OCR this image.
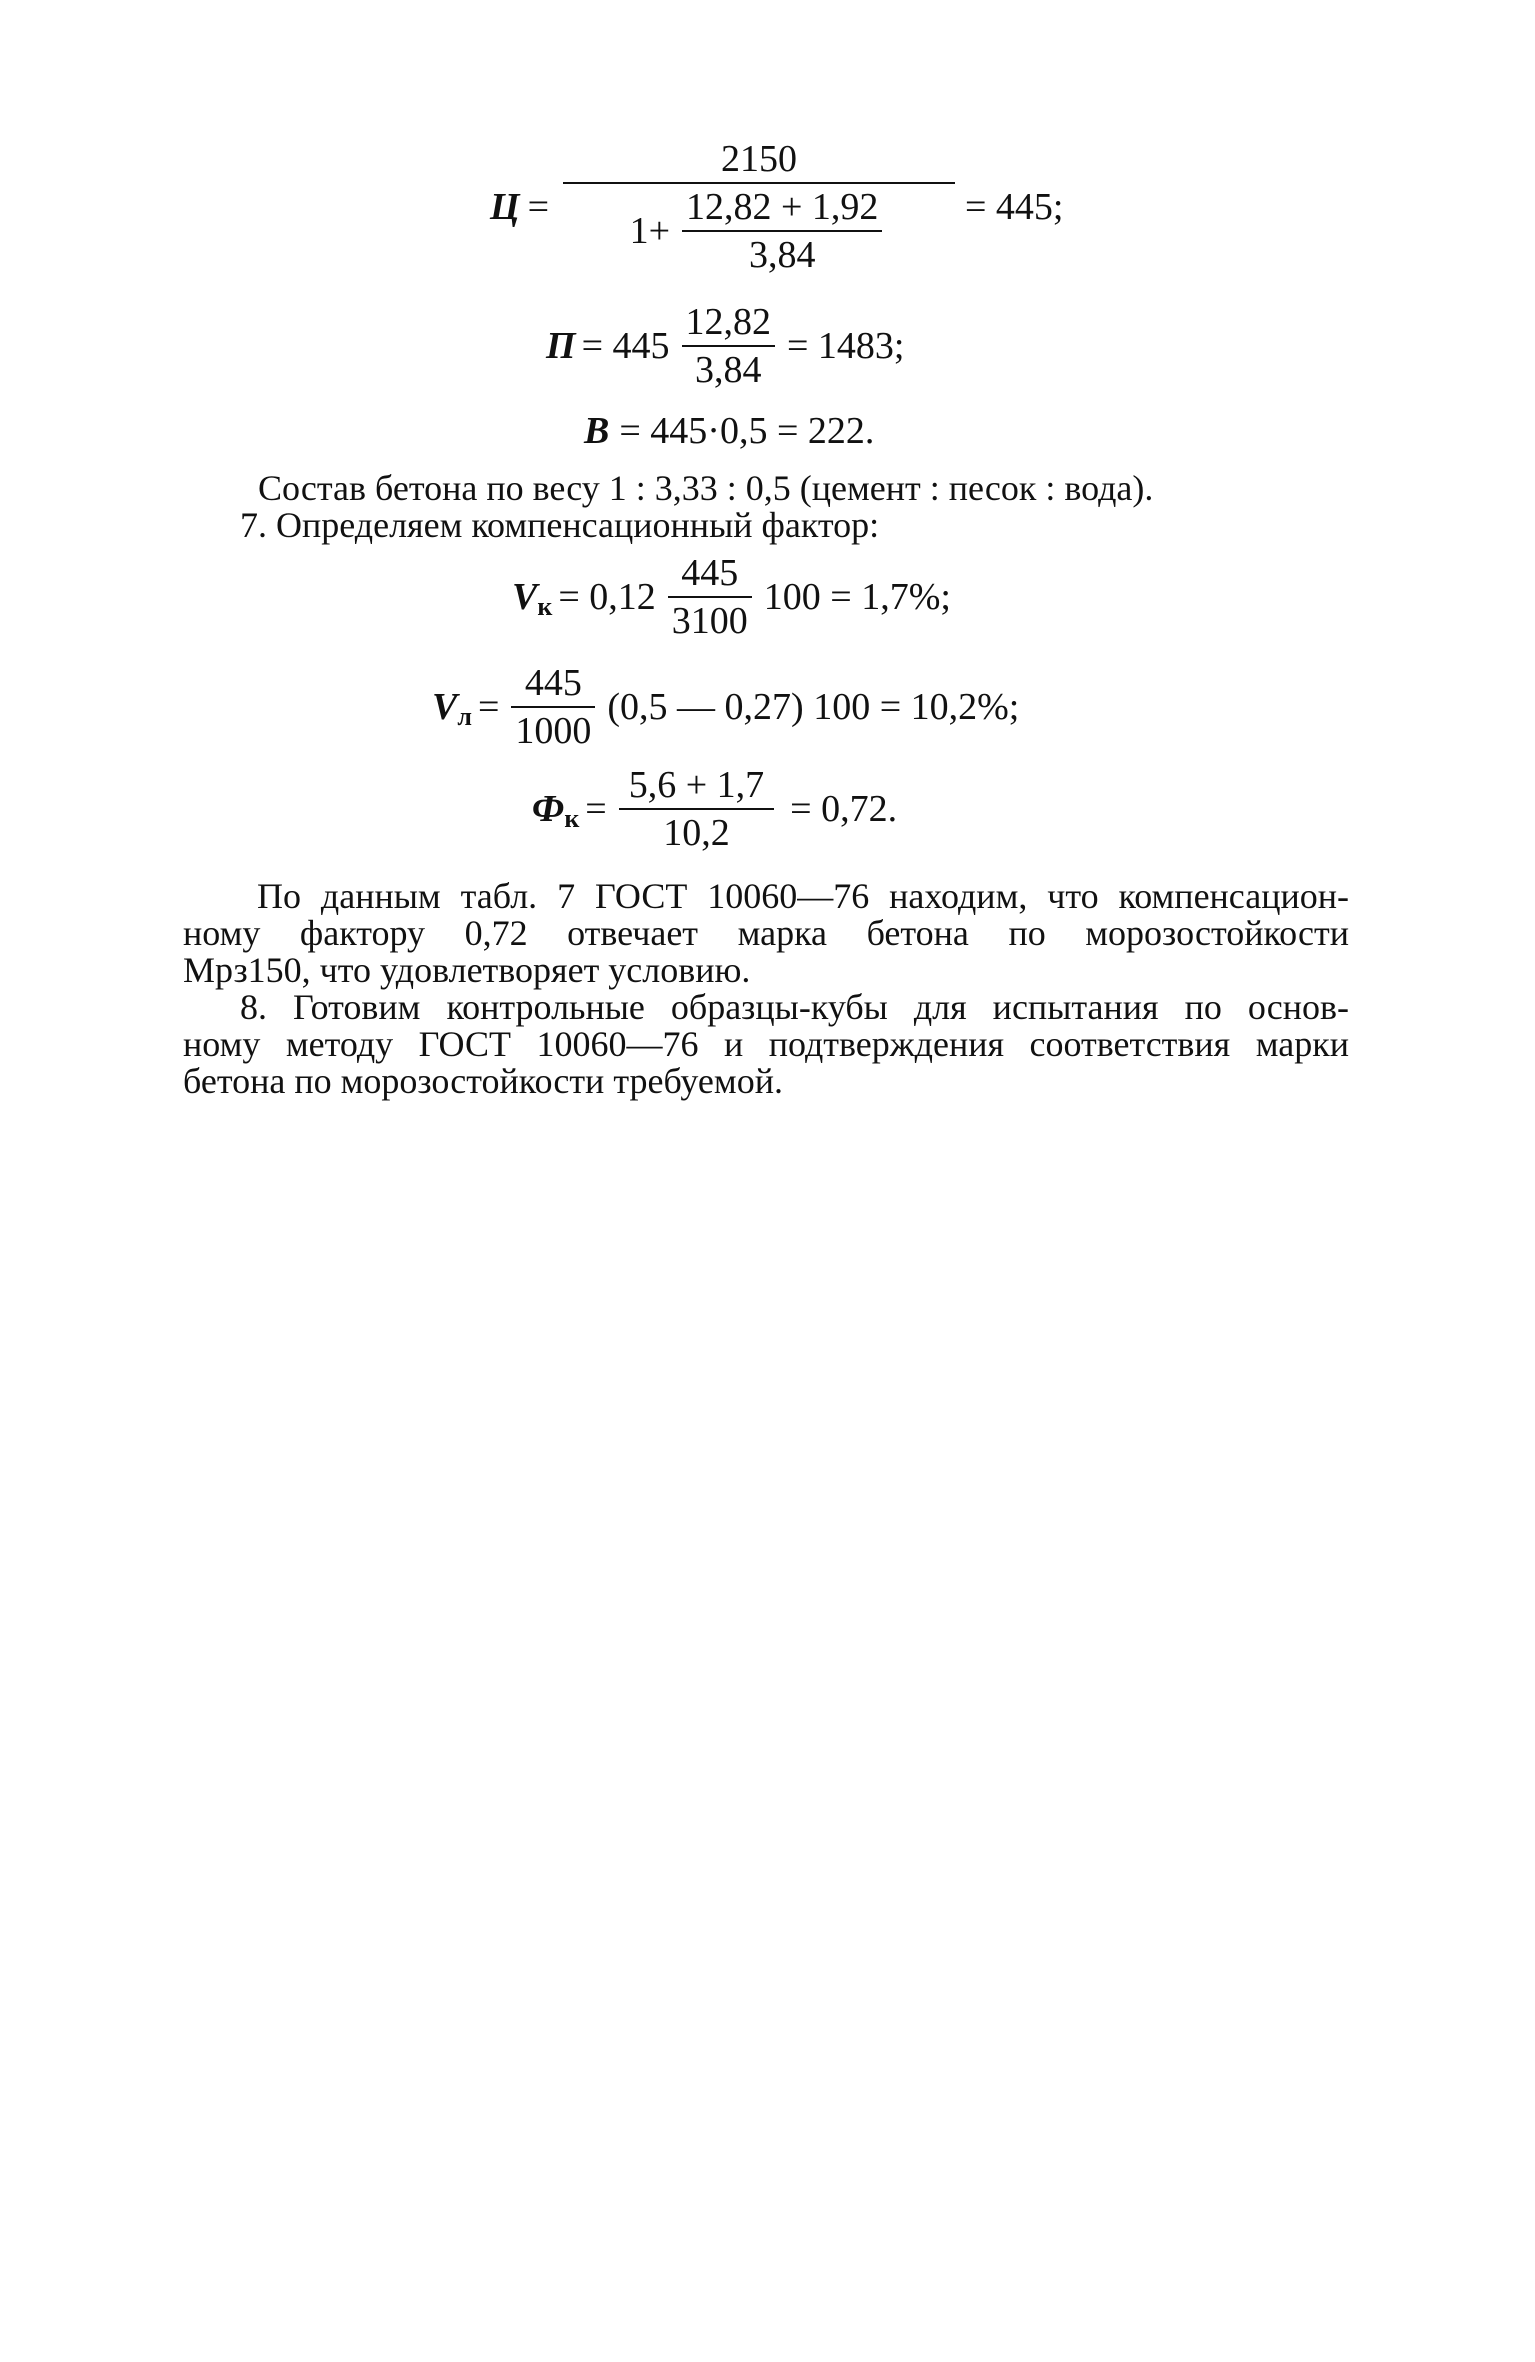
$Ц = \frac{2150}{1+ \frac{12,82 + 1,92}{3,84}} = 445$;
$П = 445 \frac{12,82}{3,84} = 1483$;
В = 445·0,5 = 222.
Состав бетона по весу 1 : 3,33 : 0,5 (цемент : песок : вода).
7. Определяем компенсационный фактор:
V $к = 0,12 \frac{445}{3100} 100 = 1,7\%$;
V $л = \frac{445}{1000} (0,5$ — 0,27) 100 = 10,2%;
Ф $к = \frac{5,6 + 1,7}{10,2} = 0,72$.
По данным табл. 7 ГОСТ 10060—76 находим, что компенсацион-
ному фактору 0,72 отвечает марка бетона по морозостойкости
Мрз150, что удовлетворяет условию.
8. Готовим контрольные образцы-кубы для испытания по основ-
ному методу ГОСТ 10060—76 и подтверждения соответствия марки
бетона по морозостойкости требуемой.
